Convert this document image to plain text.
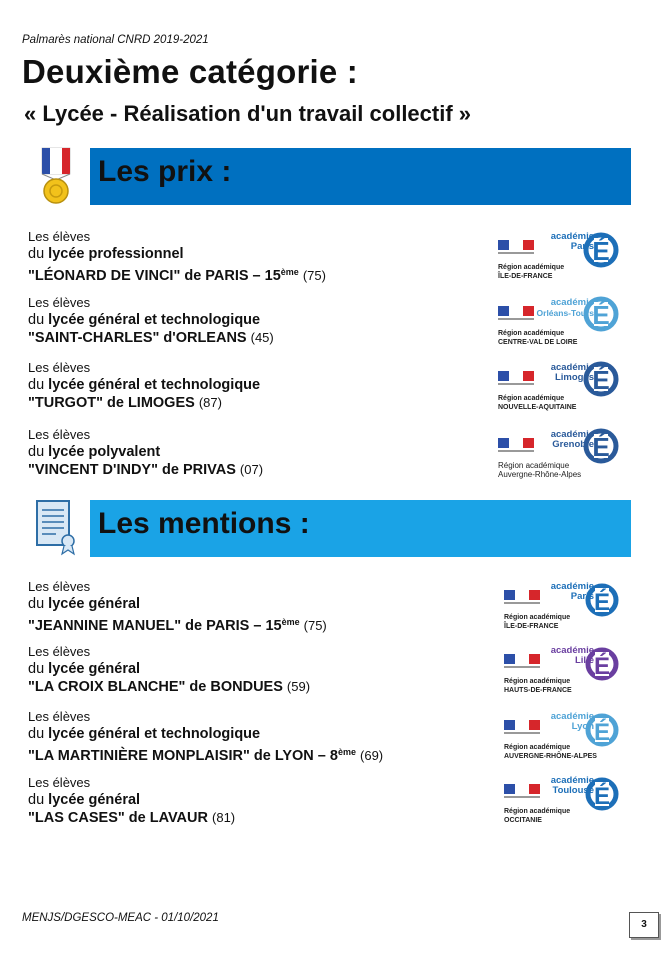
Palmarès national CNRD 2019-2021
Deuxième catégorie :
« Lycée - Réalisation d'un travail collectif »
Les prix :
Les élèves
du lycée professionnel
"LÉONARD DE VINCI" de PARIS – 15ème (75)
Les élèves
du lycée général et technologique
"SAINT-CHARLES" d'ORLEANS (45)
Les élèves
du lycée général et technologique
"TURGOT" de LIMOGES (87)
Les élèves
du lycée polyvalent
"VINCENT D'INDY" de PRIVAS (07)
É
académie
Paris
Région académique
ÎLE-DE-FRANCE
É
académie
Orléans-Tours
Région académique
CENTRE-VAL DE LOIRE
É
académie
Limoges
Région académique
NOUVELLE-AQUITAINE
É
académie
Grenoble
Région académique
Auvergne-Rhône-Alpes
Les mentions :
Les élèves
du lycée général
"JEANNINE MANUEL" de PARIS – 15ème (75)
Les élèves
du lycée général
"LA CROIX BLANCHE" de BONDUES (59)
Les élèves
du lycée général et technologique
"LA MARTINIÈRE MONPLAISIR" de LYON – 8ème (69)
Les élèves
du lycée général
"LAS CASES" de LAVAUR (81)
É
académie
Paris
Région académique
ÎLE-DE-FRANCE
É
académie
Lille
Région académique
HAUTS-DE-FRANCE
É
académie
Lyon
Région académique
AUVERGNE-RHÔNE-ALPES
É
académie
Toulouse
Région académique
OCCITANIE
MENJS/DGESCO-MEAC - 01/10/2021
3
